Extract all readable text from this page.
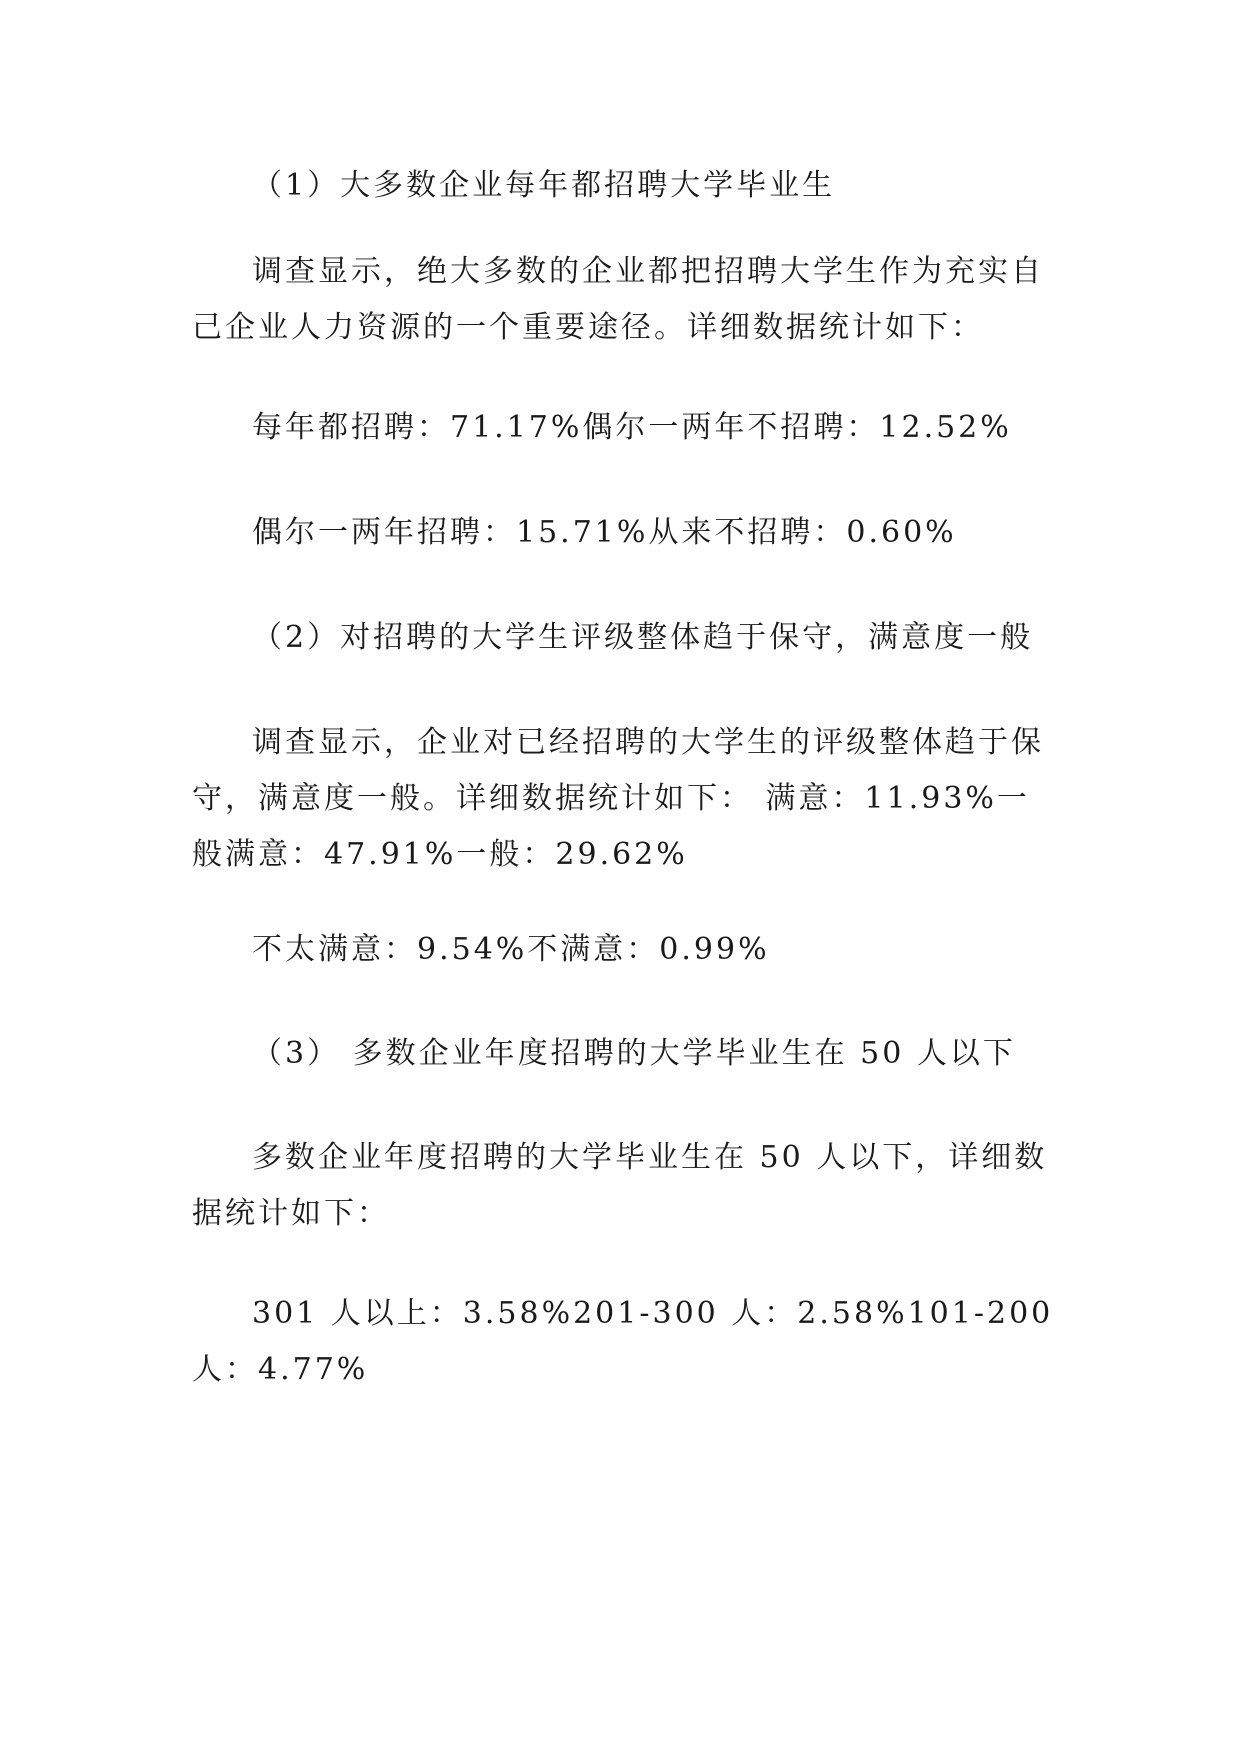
（1）大多数企业每年都招聘大学毕业生

调查显示，绝大多数的企业都把招聘大学生作为充实自己企业人力资源的一个重要途径。详细数据统计如下：

每年都招聘：71.17%偶尔一两年不招聘：12.52%

偶尔一两年招聘：15.71%从来不招聘：0.60%

（2）对招聘的大学生评级整体趋于保守，满意度一般

调查显示，企业对已经招聘的大学生的评级整体趋于保守，满意度一般。详细数据统计如下： 满意：11.93%一般满意：47.91%一般：29.62%

不太满意：9.54%不满意：0.99%

（3） 多数企业年度招聘的大学毕业生在 50 人以下

多数企业年度招聘的大学毕业生在 50 人以下，详细数据统计如下：

301 人以上：3.58%201-300 人：2.58%101-200 人：4.77%
